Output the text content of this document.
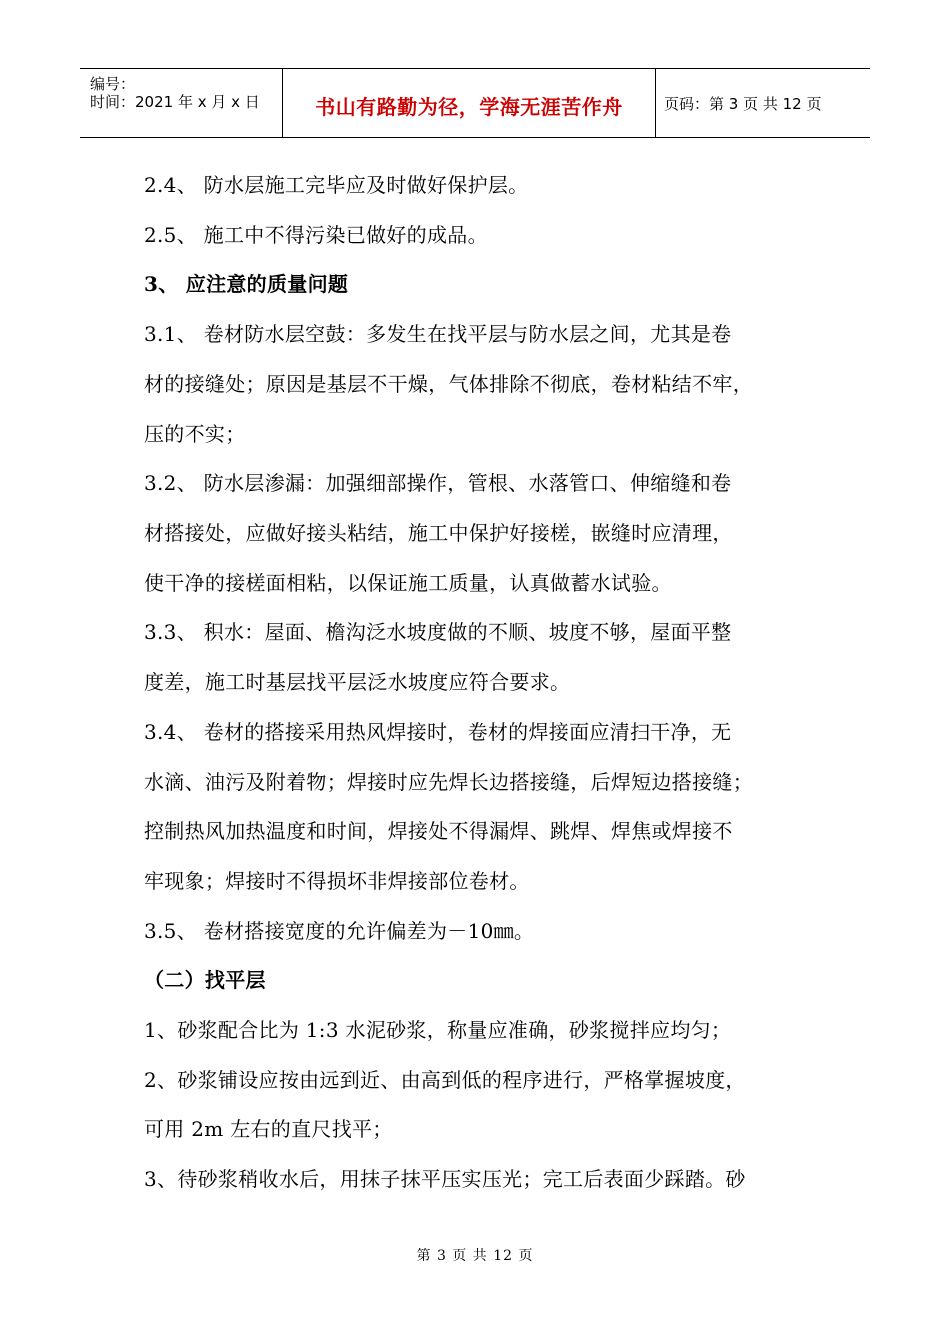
编号：
时间：2021 年 x 月 x 日	书山有路勤为径，学海无涯苦作舟	页码：第 3 页 共 12 页
2.4、 防水层施工完毕应及时做好保护层。
2.5、 施工中不得污染已做好的成品。
3、 应注意的质量问题
3.1、 卷材防水层空鼓：多发生在找平层与防水层之间，尤其是卷
材的接缝处；原因是基层不干燥，气体排除不彻底，卷材粘结不牢，
压的不实；
3.2、 防水层渗漏：加强细部操作，管根、水落管口、伸缩缝和卷
材搭接处，应做好接头粘结，施工中保护好接槎，嵌缝时应清理，
使干净的接槎面相粘，以保证施工质量，认真做蓄水试验。
3.3、 积水：屋面、檐沟泛水坡度做的不顺、坡度不够，屋面平整
度差，施工时基层找平层泛水坡度应符合要求。
3.4、 卷材的搭接采用热风焊接时，卷材的焊接面应清扫干净，无
水滴、油污及附着物；焊接时应先焊长边搭接缝，后焊短边搭接缝；
控制热风加热温度和时间，焊接处不得漏焊、跳焊、焊焦或焊接不
牢现象；焊接时不得损坏非焊接部位卷材。
3.5、 卷材搭接宽度的允许偏差为－10㎜。
（二）找平层
1、砂浆配合比为 1:3 水泥砂浆，称量应准确，砂浆搅拌应均匀；
2、砂浆铺设应按由远到近、由高到低的程序进行，严格掌握坡度，
可用 2m 左右的直尺找平；
3、待砂浆稍收水后，用抹子抹平压实压光；完工后表面少踩踏。砂
第 3 页 共 12 页
